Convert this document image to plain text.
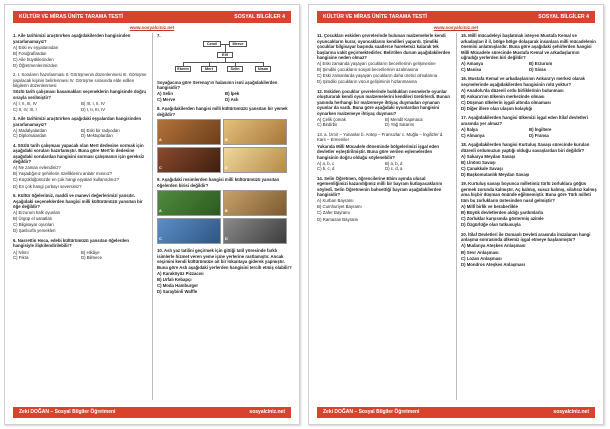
KÜLTÜR VE MİRAS ÜNİTE TARAMA TESTİ	SOSYAL BİLGİLER 4
www.sosyalciniz.net

1. Aile tarihimizi araştırırken aşağıdakilerden hangisinden yararlanamayız?

A) Eski ev eşyalarından

B) Fotoğraflardan

C) Aile büyüklerinden

D) Öğretmenlerimizden

2. I. Soruların hazırlanması II. Görüşmenin düzenlenmesi III. Görüşme yapılacak kişinin belirlenmesi IV. Görüşme sırasında elde edilen bilgilerin düzenlenmesi

Sözlü tarih çalışması basamakları seçeneklerin hangisinde doğru sırayla verilmiştir?

A) I, II, III, IV	B) III, I, II, IV
C) II, IV, III, I	D) I, II, III, IV

3. Aile tarihimizi araştırırken aşağıdaki eşyalardan hangisinden yararlanamayız?

A) Madalyalardan	B) Eski bir radyodan
C) Diplomalardan	D) Mektuplardan

4. Sözlü tarih çalışması yapacak olan Mert dedesine sormak için aşağıdaki soruları hazırlamıştır. Buna göre Mert'in dedesine aşağıdaki sorulardan hangisini sorması çalışmanın için gereksiz değildir?

A) Ne zaman evlendiniz?

B) Yaşadığınız şehirlerin özelliklerini anlatır mısınız?

C) Küçüklüğünüzde en çok hangi eşyaları kullanırdınız?

D) En çok hangi çorbayı seversiniz?

5. Kültür öğelerimiz, maddi ve manevi değerlerimizi yansıtır. Aşağıdaki seçeneklerden hangisi milli kültürümüzü yansıtan bir öğe değildir?

A) Erzurum halk oyunları

B) Ürgüp el sanatları

C) Bilgisayar oyunları

D) Şanlıurfa yemekleri

6. Nasrettin Hoca, edebi kültürümüzü yansıtan öğelerden hangisiyle ilişkilendirilebilir?

A) Nİnni	B) Hikâye
C) Fıkra	D) Bilmece

7.

Cemil	Merve
Elif
Ekrem	Mert	Selin	Nisan

Soyağacına göre Serenay'ın halasının ismi aşağıdakilerden hangisidir?

A) Selin	B) İpek
C) Merve	D) Aslı

8. Aşağıdakilerden hangisi milli kültürümüzü yansıtan bir yemek değildir?

A	B
C	D

9. Aşağıdaki resimlerden hangisi milli kültürümüzü yansıtan öğelerden birisi değildir?

A	B
C	D

10. Aslı yaz tatilini geçirmek için gittiği tatil yöresinde farklı isimlerle hizmet veren yeme içme yerlerine rastlamıştır. Ancak seçimini kendi kültürümüze ait bir lokantaya giderek yapmıştır. Buna göre Aslı aşağıdaki yerlerden hangisini tercih etmiş olabilir?

A) Karaköyüz Pizzacısı

B) Urfalı Kebapçı

C) Moda Hamburger

D) Saraybinli Waffle

Zeki DOĞAN – Sosyal Bilgiler Öğretmeni	sosyalciniz.net
KÜLTÜR VE MİRAS ÜNİTE TARAMA TESTİ	SOSYAL BİLGİLER 4
www.sosyalciniz.net

11. Çocukları eskiden çevrelerinde bulunan malzemelerle kendi oyuncakların kurar, oyuncaklarını kendileri yapardı. Şimdiki çocuklar bilgisayar başında saatlerce hareketsiz kalarak tek başlarına vakit geçirmektedirler. Belirtilen durum aşağıdakilerden hangisine neden olmaz?

A) Eski zamanda yaşayan çocukların becerilerinin gelişmesine

B) Şimdiki çocukların sosyal becerilerinin azalmasına

C) Eski zamanlarda yaşayan çocukların daha üretici olmalarına

D) Şimdiki çocukların vücut gelişiminin hızlanmasına

12. Eskiden çocuklar çevrelerinde buldukları nesnelerle oyunlar oluşturarak kendi oyun malzemelerini kendileri üretirlerdi. Bunun yanında herhangi bir malzemeye ihtiyaç duymadan oynanan oyunlar da vardı. Buna göre aşağıdaki oyunlardan hangisini oynarken malzemeye ihtiyaç duyması?

A) Çelik çomak	B) Mendil Kapmaca
C) Birdirbir	D) Yağ Satarım

13. a. İzmir – Yunanlar b. Antep – Fransızlar c. Muğla – İngilizler d. Kars – Ermeniler

Yukarıda Milli Mücadele döneminde bölgelerimizi işgal eden devletler eşleştirilmiştir. Buna göre verilen eşlemelerden hangisinin doğru olduğu söylenebilir?

A) a, b, c	B) a, b, d
C) b, c, d	D) c, d, a

14. Selin Öğretmen, öğrencilerine Ebim ayında ulusal egemenliğimizi kazandığımız milli bir bayram kutlayacaklarını söyledi. Selin Öğretmenin bahsettiği bayram aşağıdakilerden hangisidir?

A) Kurban Bayramı

B) Cumhuriyet Bayramı

C) Zafer Bayramı

D) Ramazan Bayramı

15. Millî mücadeleyi başlatmak isteyen Mustafa Kemal ve arkadaşları il il, bölge bölge dolaşarak insanlara milli mücadelenin önemini anlatmışlardır. Buna göre aşağıdaki şehirlerden hangisi Milli Mücadele sürecinde Mustafa Kemal ve arkadaşlarının uğradığı yerlerden biri değildir?

A) Amasya	B) Erzurum
C) Manisa	D) Sivas

16. Mustafa Kemal ve arkadaşlarının Ankara'yı merkez olarak seçmelerinde aşağıdakilerden hangisinin rolü yoktur?

A) Anadolu'da düzenli ordu birliklerinin bulunması

B) Ankara'nın ülkenin merkezinde olması

C) Düşman ülkelerin işgali altında olmaması

D) Diğer illere olan ulaşım kolaylığı

17. Aşağıdakilerden hangisi ülkemizi işgal eden İtilaf devletleri arasında yer almaz?

A) İtalya	B) İngiltere
C) Almanya	D) Fransa

18. Aşağıdakilerden hangisi Kurtuluş Savaşı sürecinde kurulan düzenli ordumuzun yaptığı olduğu savaşlardan biri değildir?

A) Sakarya Meydan Savaşı

B) I.İnönü Savaşı

C) Çanakkale Savaşı

D) Başkomutanlık Meydan Savaşı

19. Kurtuluş savaşı boyunca milletimiz türlü zorluklara göğüs germek zorunda kalmıştır. Aç kalmış, susuz kalmış, silahsız kalmış ama hiçbir düşman önünde eğilmemiştir. Buna göre Türk milleti tüm bu zorlukların üstesinden nasıl gelmiştir?

A) Millî birlik ve beraberlikle

B) Büyük devletlerden aldığı yardımlarla

C) Zorluklar karşısında göstermiş azimle

D) Özgürlüğe olan tutkusuyla

20. İtilaf Devletleri ile Osmanlı Devleti arasında imzalanan hangi anlaşma sonrasında ülkemiz işgal etmeye başlanmıştır?

A) Mudanya Ateşkes Anlaşması

B) Sevr Anlaşması

C) Lozan Anlaşması

D) Mondros Ateşkes Anlaşması

Zeki DOĞAN – Sosyal Bilgiler Öğretmeni	sosyalciniz.net
